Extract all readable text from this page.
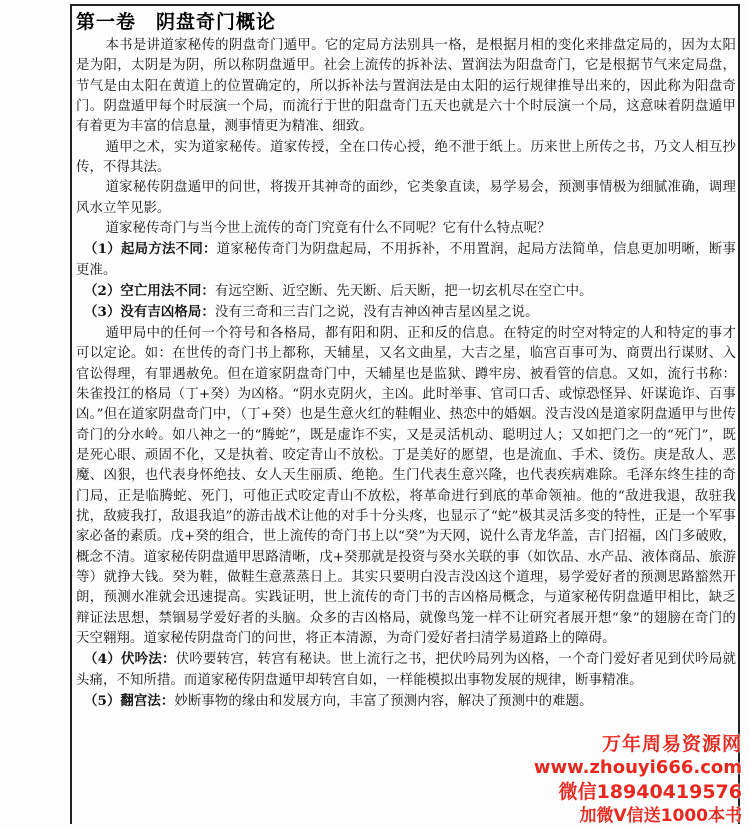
第一卷　阴盘奇门概论

本书是讲道家秘传的阴盘奇门遁甲。它的定局方法别具一格，是根据月相的变化来排盘定局的，因为太阳是为阳，太阴是为阴，所以称阴盘遁甲。社会上流传的拆补法、置润法为阳盘奇门，它是根据节气来定局盘，节气是由太阳在黄道上的位置确定的，所以拆补法与置润法是由太阳的运行规律推导出来的，因此称为阳盘奇门。阴盘遁甲每个时辰演一个局，而流行于世的阳盘奇门五天也就是六十个时辰演一个局，这意味着阴盘遁甲有着更为丰富的信息量，测事情更为精准、细致。

遁甲之术，实为道家秘传。道家传授，全在口传心授，绝不泄于纸上。历来世上所传之书，乃文人相互抄传，不得其法。

道家秘传阴盘遁甲的问世，将拨开其神奇的面纱，它类象直读，易学易会，预测事情极为细腻准确，调理风水立竿见影。

道家秘传奇门与当今世上流传的奇门究竟有什么不同呢？它有什么特点呢？

（1）起局方法不同：道家秘传奇门为阴盘起局，不用拆补，不用置润，起局方法简单，信息更加明晰，断事更准。

（2）空亡用法不同：有远空断、近空断、先天断、后天断，把一切玄机尽在空亡中。

（3）没有吉凶格局：没有三奇和三吉门之说，没有吉神凶神吉星凶星之说。

遁甲局中的任何一个符号和各格局，都有阳和阴、正和反的信息。在特定的时空对特定的人和特定的事才可以定论。如：在世传的奇门书上都称，天辅星，又名文曲星，大吉之星，临宫百事可为、商贾出行谋财、入官讼得理，有罪遇赦免。但在道家阴盘奇门中，天辅星也是监狱、蹲牢房、被看管的信息。又如，流行书称：朱雀投江的格局（丁+癸）为凶格。“阴水克阴火，主凶。此时举事、官司口舌、或惊恐怪异、奸谋诡诈、百事凶。”但在道家阴盘奇门中，（丁+癸）也是生意火红的鞋帽业、热恋中的婚姻。没吉没凶是道家阴盘遁甲与世传奇门的分水岭。如八神之一的“腾蛇”，既是虚诈不实，又是灵活机动、聪明过人；又如把门之一的“死门”，既是死心眼、顽固不化，又是执着、咬定青山不放松。丁是美好的愿望，也是流血、手术、烫伤。庚是敌人、恶魔、凶狠，也代表身怀绝技、女人天生丽质、绝艳。生门代表生意兴隆，也代表疾病难除。毛泽东终生挂的奇门局，正是临腾蛇、死门，可他正式咬定青山不放松，将革命进行到底的革命领袖。他的“敌进我退，敌驻我扰，敌疲我打，敌退我追”的游击战术让他的对手十分头疼，也显示了“蛇”极其灵活多变的特性，正是一个军事家必备的素质。戊+癸的组合，世上流传的奇门书上以“癸”为天网，说什么青龙华盖，吉门招福，凶门多破败，概念不清。道家秘传阴盘遁甲思路清晰，戊+癸那就是投资与癸水关联的事（如饮品、水产品、液体商品、旅游等）就挣大钱。癸为鞋，做鞋生意蒸蒸日上。其实只要明白没吉没凶这个道理，易学爱好者的预测思路豁然开朗，预测水准就会迅速提高。实践证明，世上流传的奇门书的吉凶格局概念，与道家秘传阴盘遁甲相比，缺乏辩证法思想，禁锢易学爱好者的头脑。众多的吉凶格局，就像鸟笼一样不让研究者展开想“象”的翅膀在奇门的天空翱翔。道家秘传阴盘奇门的问世，将正本清源，为奇门爱好者扫清学易道路上的障碍。

（4）伏吟法：伏吟要转宫，转宫有秘诀。世上流行之书，把伏吟局列为凶格，一个奇门爱好者见到伏吟局就头痛，不知所措。而道家秘传阴盘遁甲却转宫自如，一样能模拟出事物发展的规律，断事精准。

（5）翻宫法：妙断事物的缘由和发展方向，丰富了预测内容，解决了预测中的难题。

万年周易资源网
www.zhouyi666.com
微信18940419576
加微V信送1000本书
